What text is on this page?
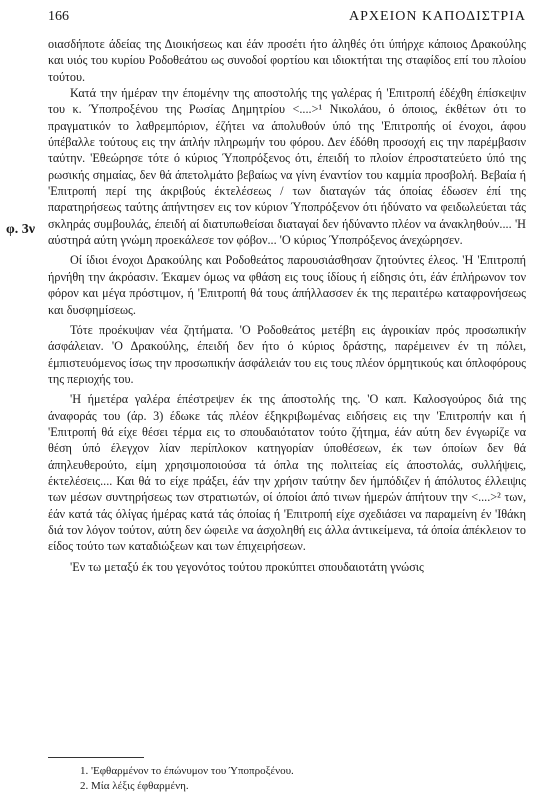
166	ΑΡΧΕΙΟΝ ΚΑΠΟΔΙΣΤΡΙΑ
φ. 3ν

οιασδήποτε άδείας της Διοικήσεως και έάν προσέτι ήτο άληθές ότι ύπήρχε κάποιος Δρακούλης και υιός του κυρίου Ροδοθεάτου ως συνοδοί φορτίου και ιδιοκτήται της σταφίδος επί του πλοίου τούτου.

Κατά την ήμέραν την έπομένην της αποστολής της γαλέρας ή 'Επιτροπή έδέχθη έπίσκεψιν του κ. Ύποπροξένου της Ρωσίας Δημητρίου <....>¹ Νικολάου, ό όποιος, έκθέτων ότι το πραγματικόν το λαθρεμπόριον, έζήτει να άπολυθούν ύπό της 'Επιτροπής οί ένοχοι, άφου ύπέβαλλε τούτους εις την άπλήν πληρωμήν του φόρου. Δεν έδόθη προσοχή εις την παρέμβασιν ταύτην. 'Εθεώρησε τότε ό κύριος Ύποπρόξενος ότι, έπειδή το πλοίον έπροστατεύετο ύπό της ρωσικής σημαίας, δεν θά άπετολμάτο βεβαίως να γίνη έναντίον του καμμία προσβολή. Βεβαία ή 'Επιτροπή περί της άκριβούς έκτελέσεως / των διαταγών τάς όποίας έδωσεν έπί της παρατηρήσεως ταύτης άπήντησεν εις τον κύριον Ύποπρόξενον ότι ήδύνατο να φειδωλεύεται τάς σκληράς συμβουλάς, έπειδή αί διατυπωθείσαι διαταγαί δεν ήδύναντο πλέον να άνακληθούν.... 'Η αύστηρά αύτη γνώμη προεκάλεσε τον φόβον... 'Ο κύριος Ύποπρόξενος άνεχώρησεν.

Οί ίδιοι ένοχοι Δρακούλης και Ροδοθεάτος παρουσιάσθησαν ζητούντες έλεος. 'Η 'Επιτροπή ήρνήθη την άκρόασιν. Έκαμεν όμως να φθάση εις τους ίδίους ή είδησις ότι, έάν έπλήρωνον τον φόρον και μέγα πρόστιμον, ή 'Επιτροπή θά τους άπήλλασσεν έκ της περαιτέρω καταφρονήσεως και δυσφημίσεως.

Τότε προέκυψαν νέα ζητήματα. 'Ο Ροδοθεάτος μετέβη εις άγροικίαν πρός προσωπικήν άσφάλειαν. 'Ο Δρακούλης, έπειδή δεν ήτο ό κύριος δράστης, παρέμεινεν έν τη πόλει, έμπιστευόμενος ίσως την προσωπικήν άσφάλειάν του εις τους πλέον όρμητικούς και όπλοφόρους της περιοχής του.

'Η ήμετέρα γαλέρα έπέστρεψεν έκ της άποστολής της. 'Ο καπ. Καλοσγούρος διά της άναφοράς του (άρ. 3) έδωκε τάς πλέον έξηκριβωμένας ειδήσεις εις την 'Επιτροπήν και ή 'Επιτροπή θά είχε θέσει τέρμα εις το σπουδαιότατον τούτο ζήτημα, έάν αύτη δεν ένγωρίζε να θέση ύπό έλεγχον λίαν περίπλοκον κατηγορίαν ύποθέσεων, έκ των όποίων δεν θά άπηλευθερούτο, είμη χρησιμοποιούσα τά όπλα της πολιτείας είς άποστολάς, συλλήψεις, έκτελέσεις.... Και θά το είχε πράξει, έάν την χρήσιν ταύτην δεν ήμπόδιζεν ή άπόλυτος έλλειψις των μέσων συντηρήσεως των στρατιωτών, οί όποίοι άπό τινων ήμερών άπήτουν την <....>² των, έάν κατά τάς όλίγας ήμέρας κατά τάς όποίας ή 'Επιτροπή είχε σχεδιάσει να παραμείνη έν 'Ιθάκη διά τον λόγον τούτον, αύτη δεν ώφειλε να άσχοληθή εις άλλα άντικείμενα, τά όποία άπέκλειον το είδος τούτο των καταδιώξεων και των έπιχειρήσεων.

'Εν τω μεταξύ έκ του γεγονότος τούτου προκύπτει σπουδαιοτάτη γνώσις

1. 'Εφθαρμένον το έπώνυμον του Ύποπροξένου.
2. Μία λέξις έφθαρμένη.
